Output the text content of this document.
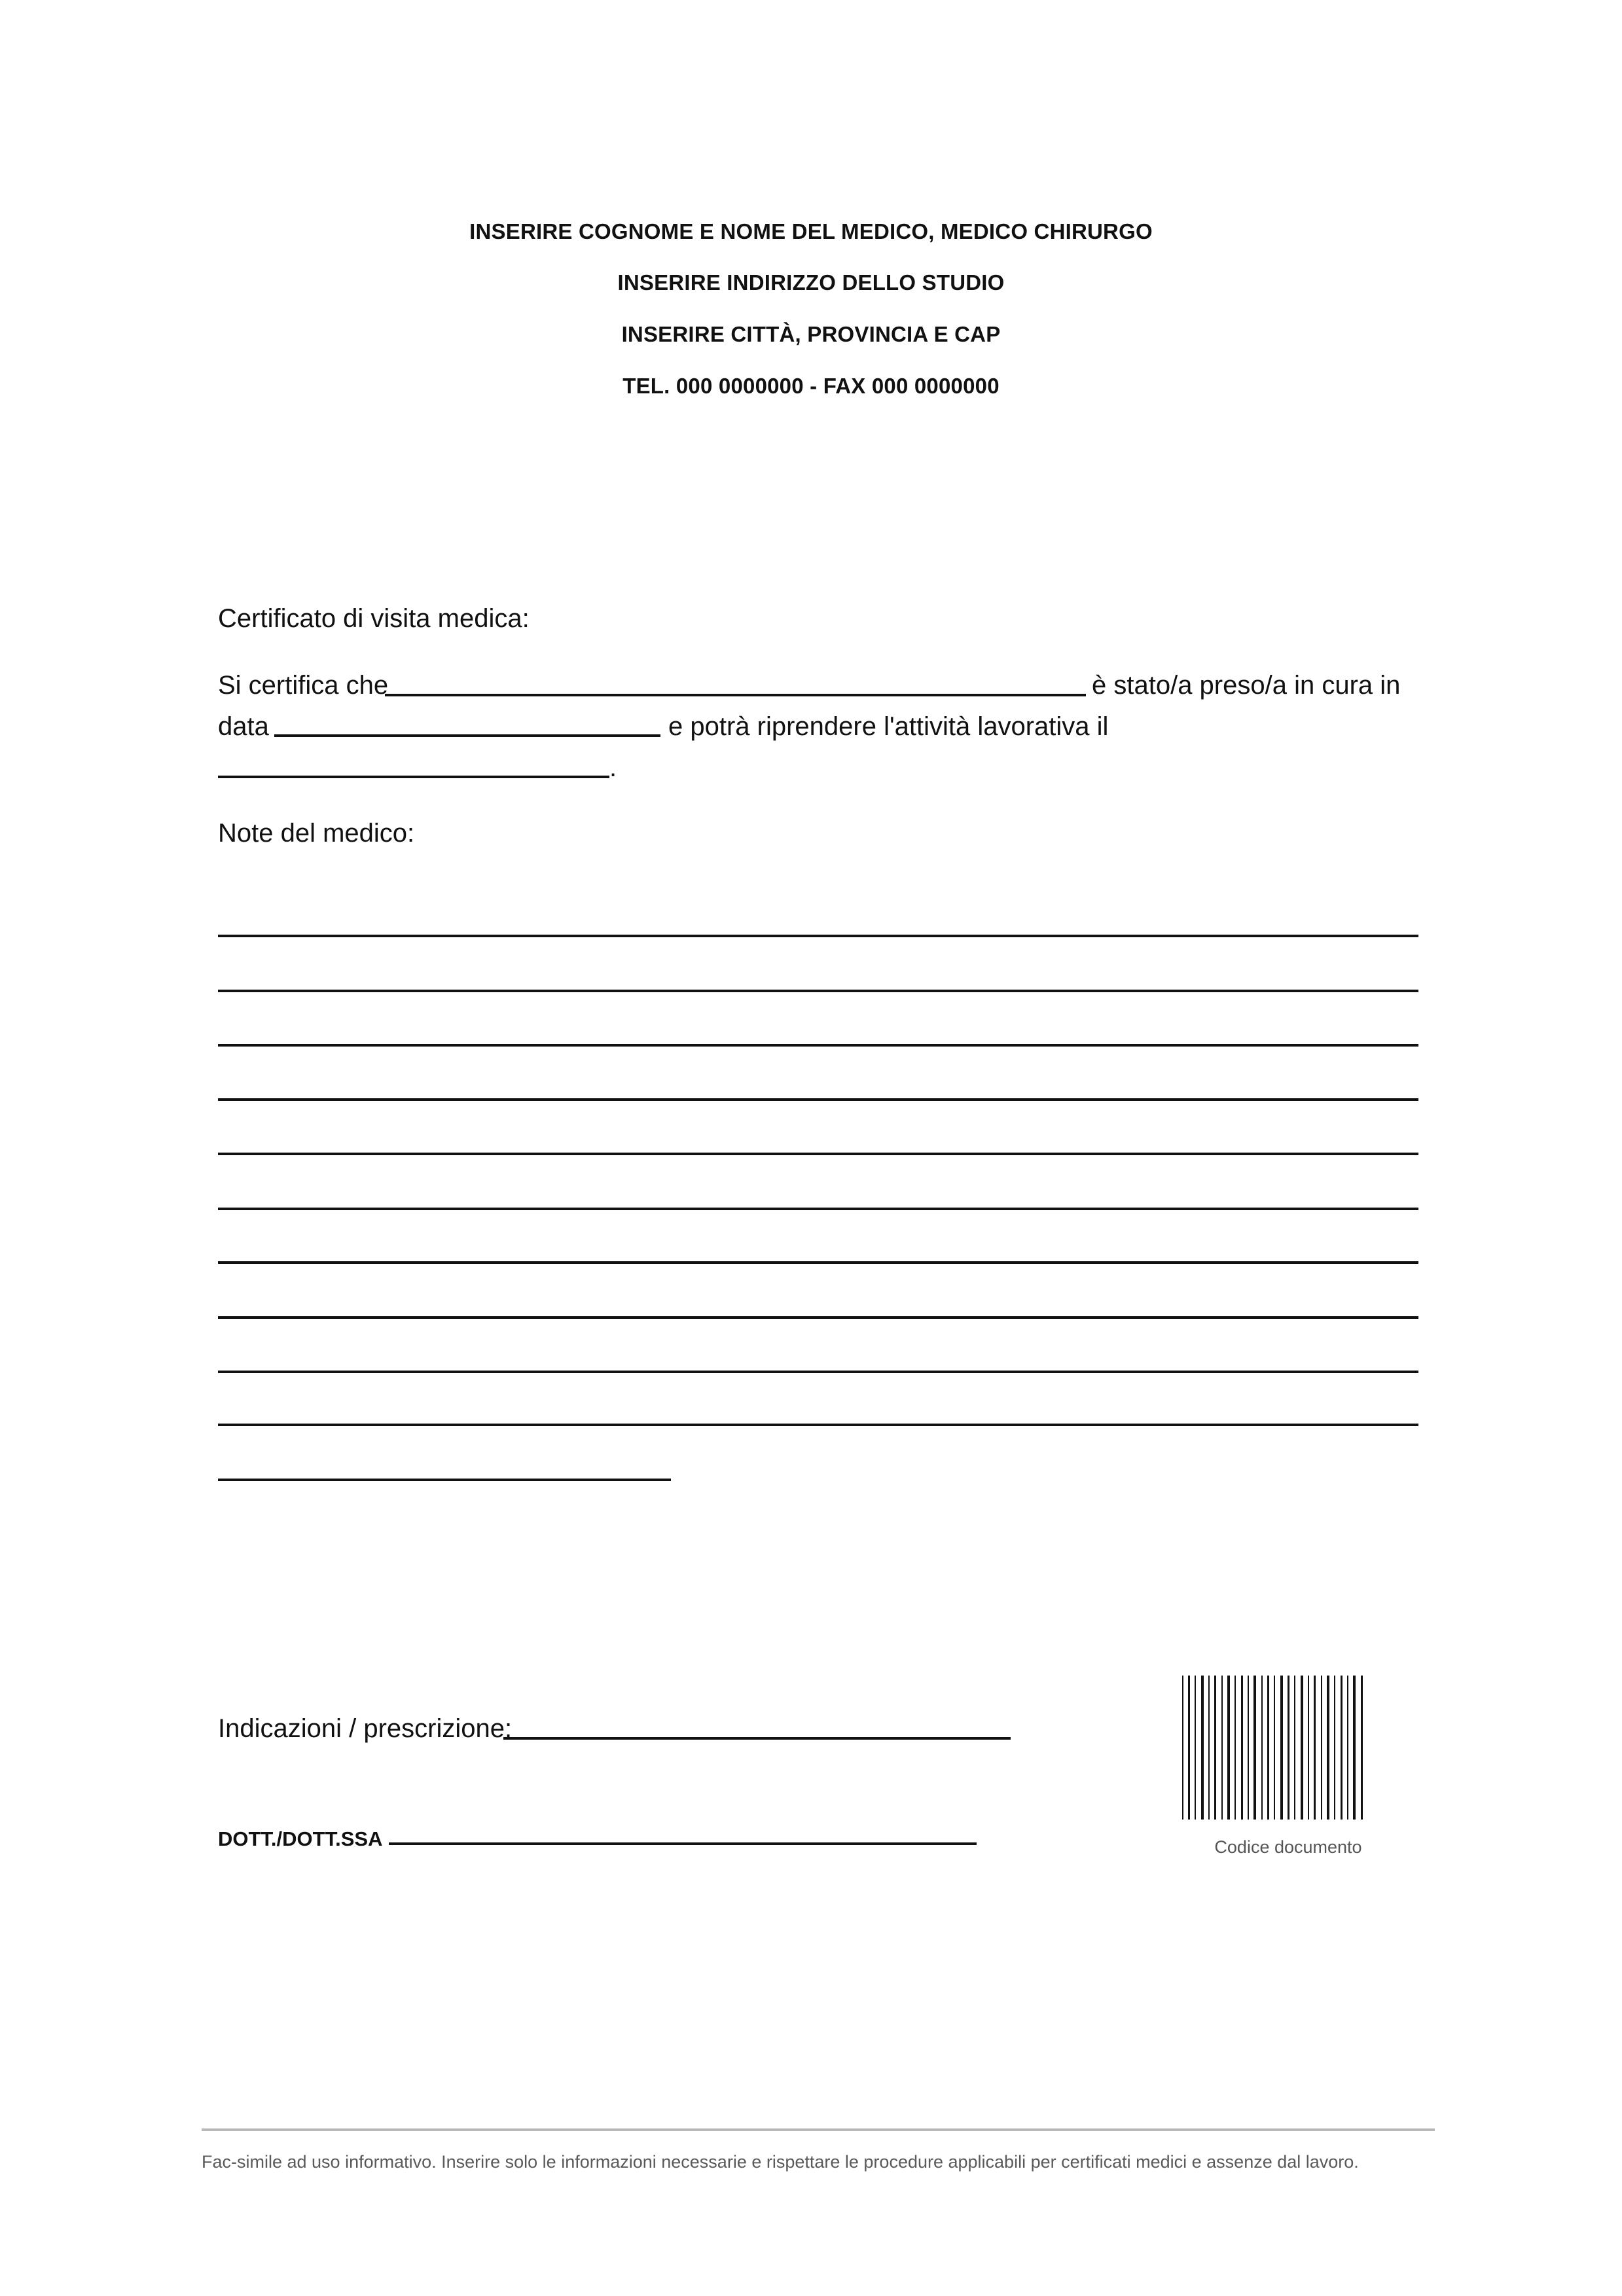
INSERIRE COGNOME E NOME DEL MEDICO, MEDICO CHIRURGO
INSERIRE INDIRIZZO DELLO STUDIO
INSERIRE CITTÀ, PROVINCIA E CAP
TEL. 000 0000000 - FAX 000 0000000
Certificato di visita medica:
Si certifica che	è stato/a preso/a in cura in
data	e potrà riprendere l'attività lavorativa il
.
Note del medico:
Indicazioni / prescrizione:
DOTT./DOTT.SSA	Codice documento
Fac-simile ad uso informativo. Inserire solo le informazioni necessarie e rispettare le procedure applicabili per certificati medici e assenze dal lavoro.
